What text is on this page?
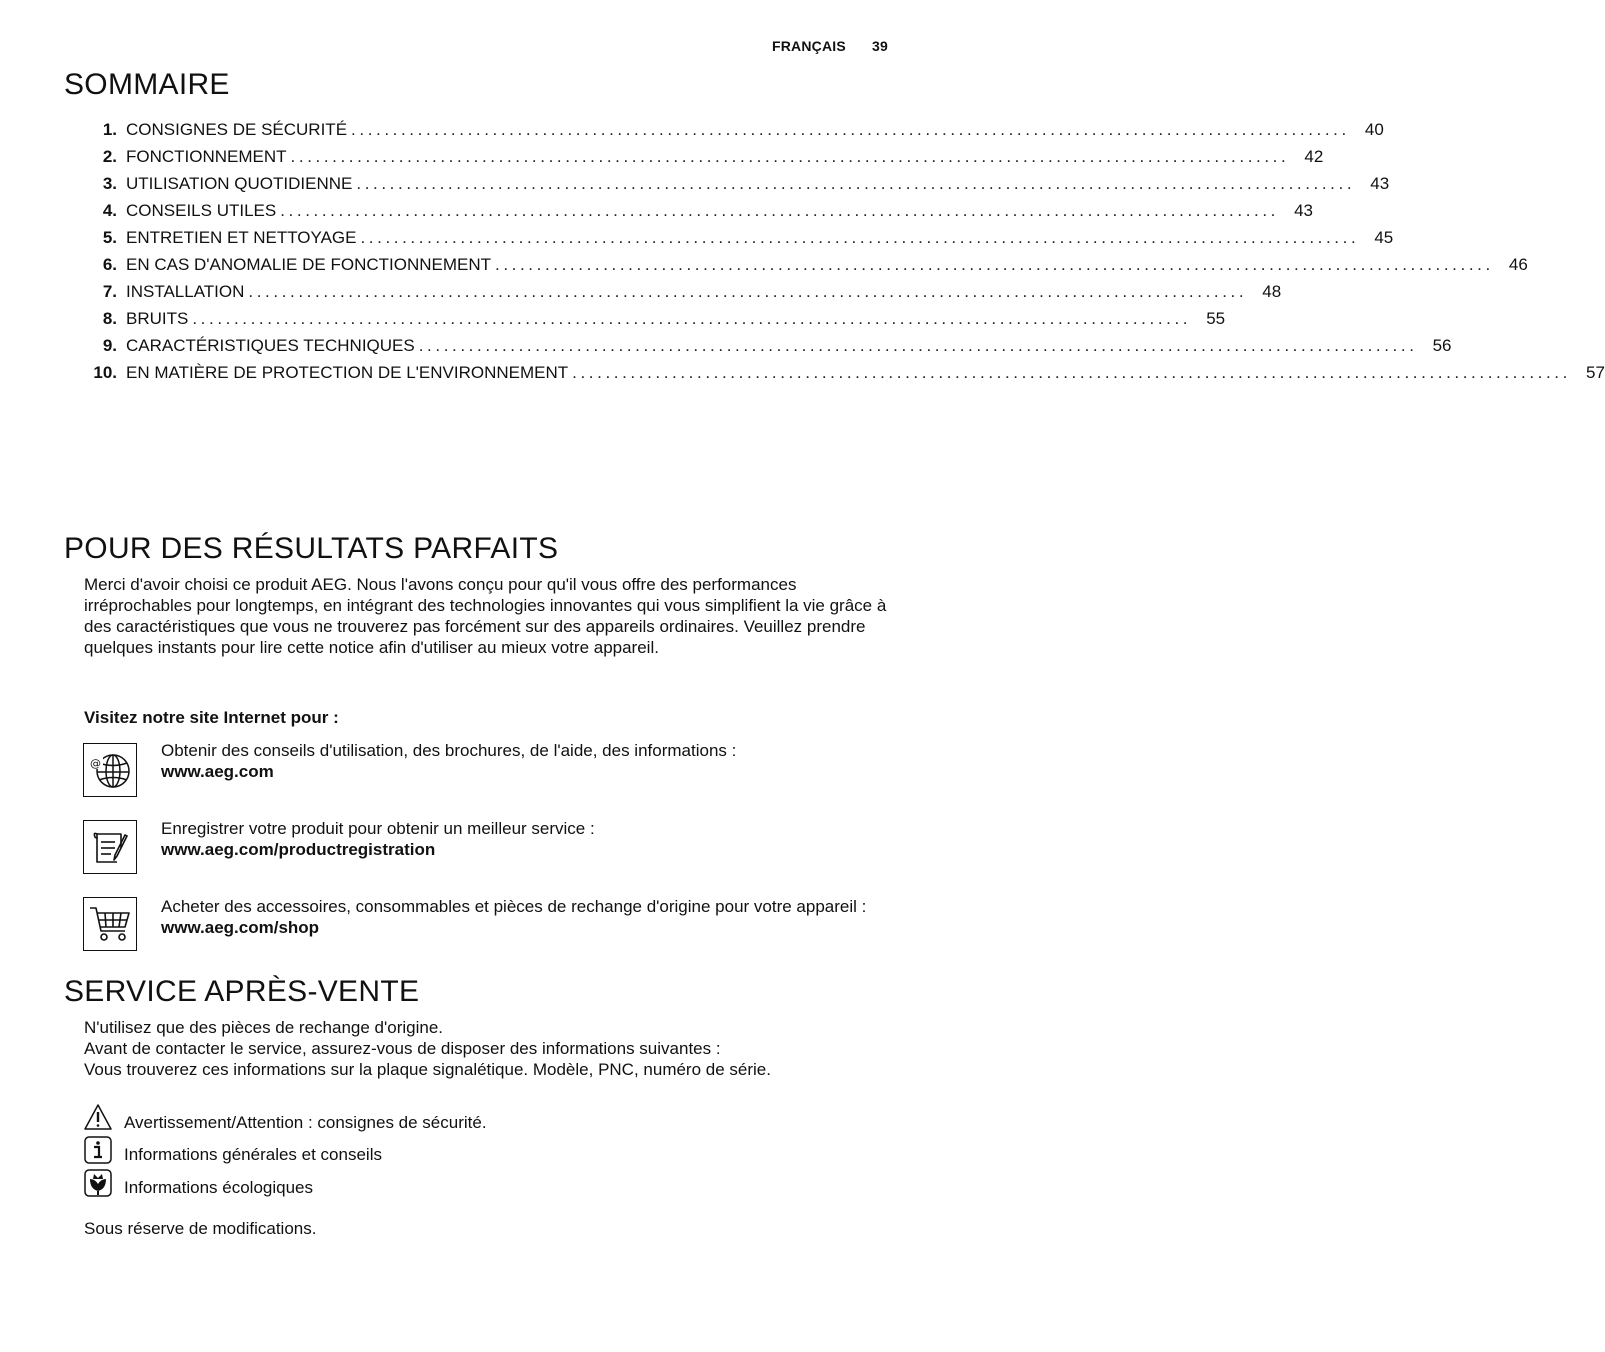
FRANÇAIS 39
SOMMAIRE
1. CONSIGNES DE SÉCURITÉ ........................................................................................................................ 40
2. FONCTIONNEMENT ........................................................................................................................ 42
3. UTILISATION QUOTIDIENNE ........................................................................................................................ 43
4. CONSEILS UTILES ........................................................................................................................ 43
5. ENTRETIEN ET NETTOYAGE ........................................................................................................................ 45
6. EN CAS D'ANOMALIE DE FONCTIONNEMENT ........................................................................................................................ 46
7. INSTALLATION ........................................................................................................................ 48
8. BRUITS ........................................................................................................................ 55
9. CARACTÉRISTIQUES TECHNIQUES ........................................................................................................................ 56
10. EN MATIÈRE DE PROTECTION DE L'ENVIRONNEMENT ........................................................................................................................ 57
POUR DES RÉSULTATS PARFAITS
Merci d'avoir choisi ce produit AEG. Nous l'avons conçu pour qu'il vous offre des performances irréprochables pour longtemps, en intégrant des technologies innovantes qui vous simplifient la vie grâce à des caractéristiques que vous ne trouverez pas forcément sur des appareils ordinaires. Veuillez prendre quelques instants pour lire cette notice afin d'utiliser au mieux votre appareil.
Visitez notre site Internet pour :
@
Obtenir des conseils d'utilisation, des brochures, de l'aide, des informations :
www.aeg.com
Enregistrer votre produit pour obtenir un meilleur service :
www.aeg.com/productregistration
Acheter des accessoires, consommables et pièces de rechange d'origine pour votre appareil :
www.aeg.com/shop
SERVICE APRÈS-VENTE
N'utilisez que des pièces de rechange d'origine.
Avant de contacter le service, assurez-vous de disposer des informations suivantes :
Vous trouverez ces informations sur la plaque signalétique. Modèle, PNC, numéro de série.
Avertissement/Attention : consignes de sécurité.
Informations générales et conseils
Informations écologiques
Sous réserve de modifications.
